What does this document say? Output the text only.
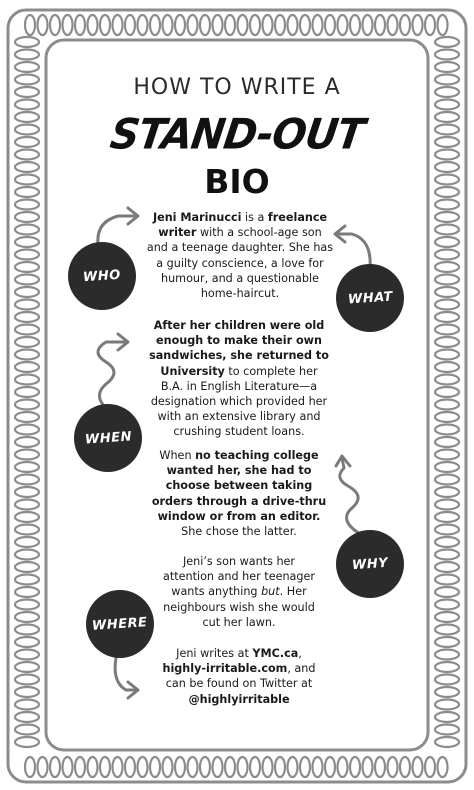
HOW TO WRITE A
STAND-OUT
BIO
WHO
WHAT
WHEN
WHY
WHERE
Jeni Marinucci is a freelance writer with a school-age son and a teenage daughter. She has a guilty conscience, a love for humour, and a questionable home-haircut.
After her children were old enough to make their own sandwiches, she returned to University to complete her B.A. in English Literature—a designation which provided her with an extensive library and crushing student loans.
When no teaching college wanted her, she had to choose between taking orders through a drive-thru window or from an editor. She chose the latter.
Jeni’s son wants her attention and her teenager wants anything but. Her neighbours wish she would cut her lawn.
Jeni writes at YMC.ca,
highly-irritable.com, and can be found on Twitter at @highlyirritable
